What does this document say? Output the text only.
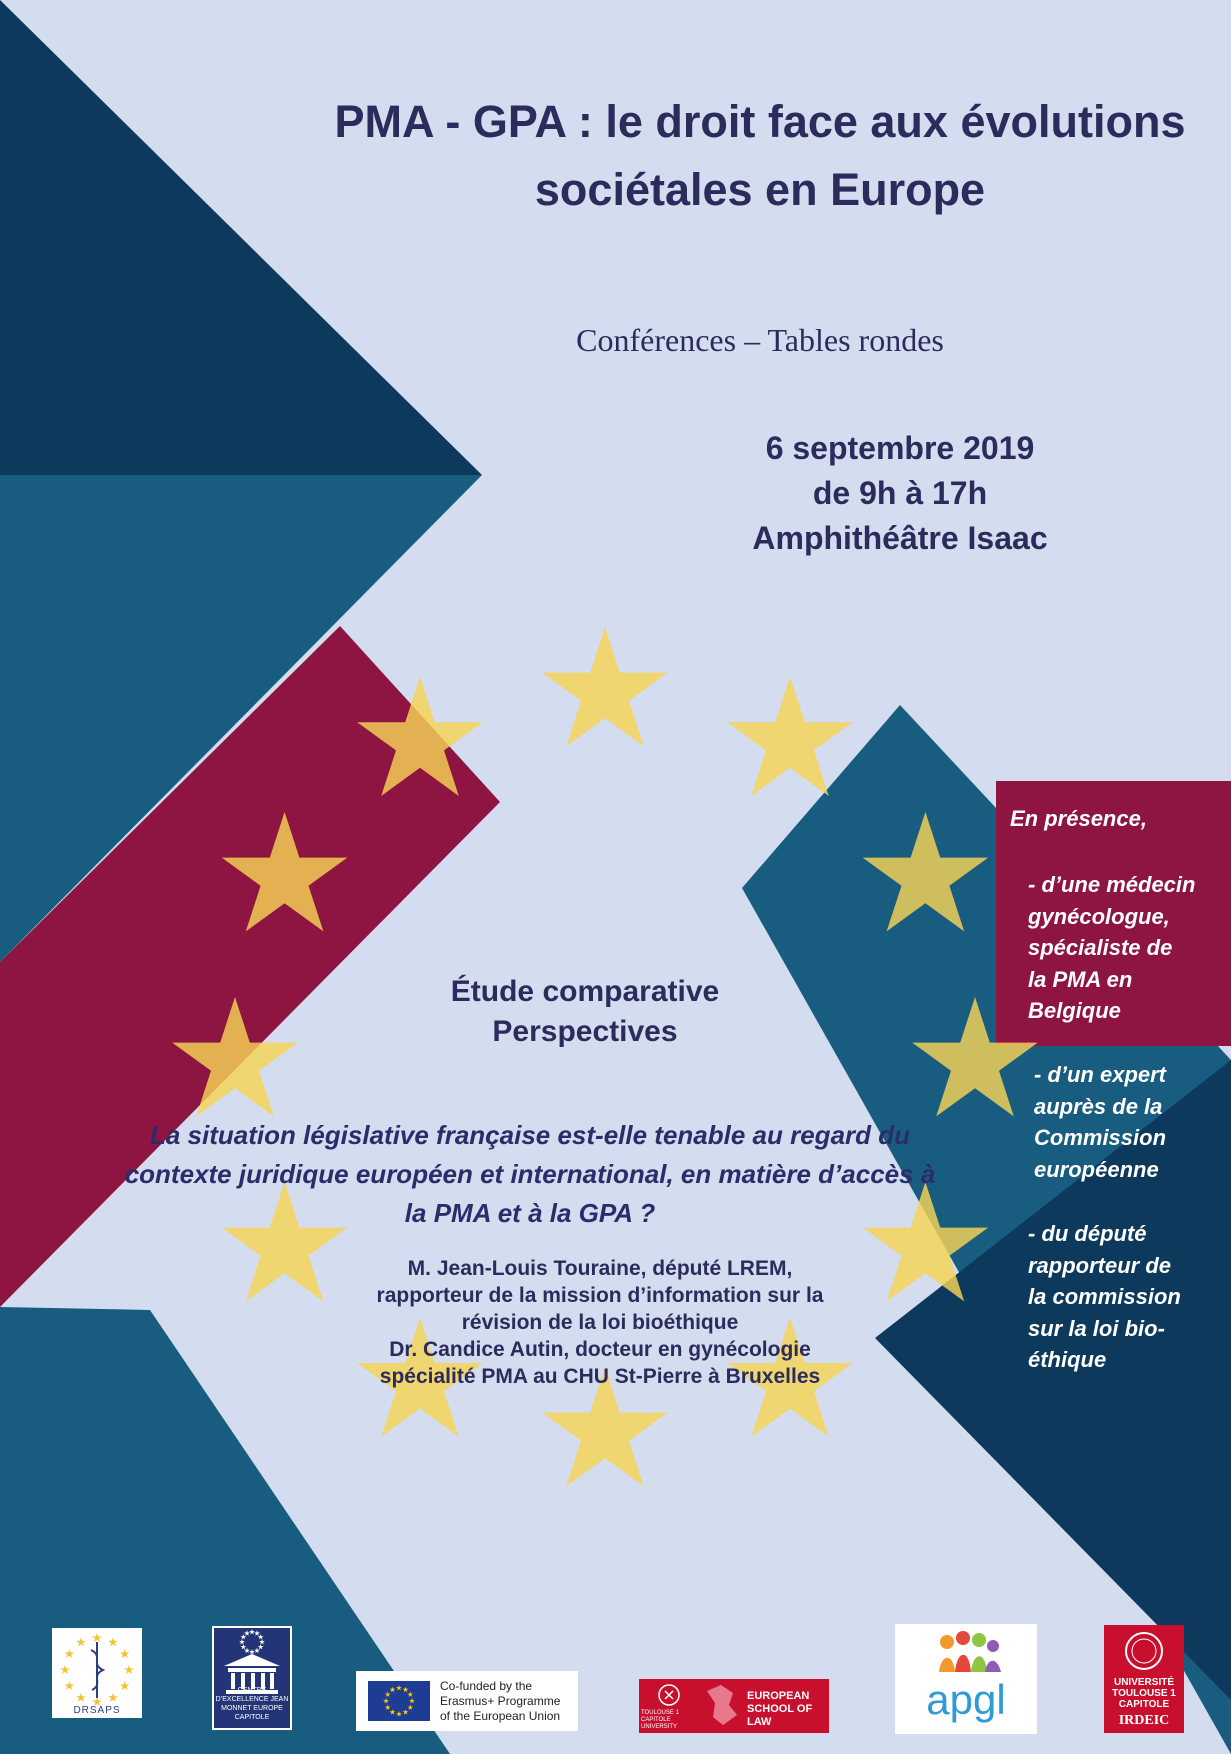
PMA - GPA : le droit face aux évolutions sociétales en Europe

Conférences – Tables rondes

6 septembre 2019
de 9h à 17h
Amphithéâtre Isaac
Étude comparative
Perspectives

La situation législative française est-elle tenable au regard du contexte juridique européen et international, en matière d’accès à la PMA et à la GPA ?

M. Jean-Louis Touraine, député LREM,
rapporteur de la mission d’information sur la
révision de la loi bioéthique
Dr. Candice Autin, docteur en gynécologie
spécialité PMA au CHU St-Pierre à Bruxelles

En présence,

- d’une médecin
gynécologue,
spécialiste de
la PMA en
Belgique
- d’un expert
auprès de la
Commission
européenne
- du député
rapporteur de
la commission
sur la loi bio-
éthique
DRSAPS
CENTRE D’EXCELLENCE JEAN MONNET EUROPE CAPITOLE
Co-funded by the Erasmus+ Programme of the European Union
EUROPEAN SCHOOL OF LAW
TOULOUSE 1 CAPITOLE UNIVERSITY
apgl	UNIVERSITÉ TOULOUSE 1 CAPITOLE
IRDEIC
